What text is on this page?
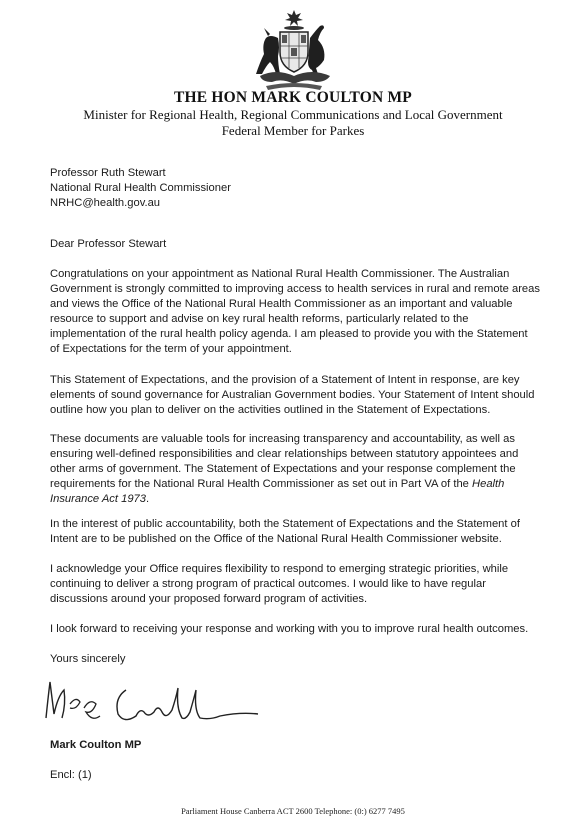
THE HON MARK COULTON MP
Minister for Regional Health, Regional Communications and Local Government
Federal Member for Parkes
Professor Ruth Stewart
National Rural Health Commissioner
NRHC@health.gov.au
Dear Professor Stewart

Congratulations on your appointment as National Rural Health Commissioner. The Australian Government is strongly committed to improving access to health services in rural and remote areas and views the Office of the National Rural Health Commissioner as an important and valuable resource to support and advise on key rural health reforms, particularly related to the implementation of the rural health policy agenda. I am pleased to provide you with the Statement of Expectations for the term of your appointment.

This Statement of Expectations, and the provision of a Statement of Intent in response, are key elements of sound governance for Australian Government bodies. Your Statement of Intent should outline how you plan to deliver on the activities outlined in the Statement of Expectations.

These documents are valuable tools for increasing transparency and accountability, as well as ensuring well-defined responsibilities and clear relationships between statutory appointees and other arms of government. The Statement of Expectations and your response complement the requirements for the National Rural Health Commissioner as set out in Part VA of the Health Insurance Act 1973.

In the interest of public accountability, both the Statement of Expectations and the Statement of Intent are to be published on the Office of the National Rural Health Commissioner website.

I acknowledge your Office requires flexibility to respond to emerging strategic priorities, while continuing to deliver a strong program of practical outcomes. I would like to have regular discussions around your proposed forward program of activities.

I look forward to receiving your response and working with you to improve rural health outcomes.

Yours sincerely
Mark Coulton MP
Encl: (1)
Parliament House Canberra ACT 2600 Telephone: (0:) 6277 7495
